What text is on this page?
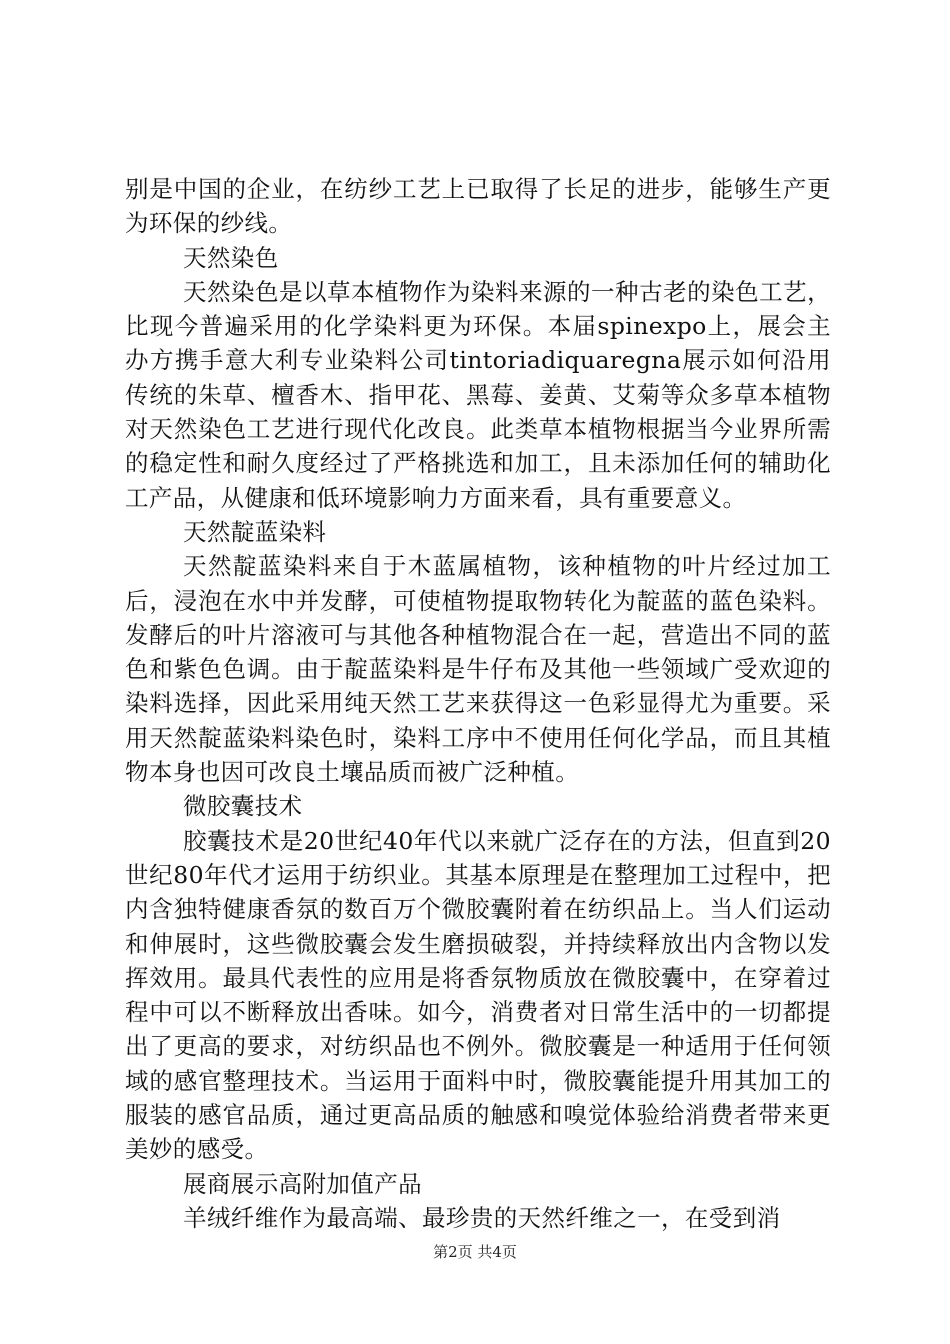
别是中国的企业，在纺纱工艺上已取得了长足的进步，能够生产更为环保的纱线。

天然染色

天然染色是以草本植物作为染料来源的一种古老的染色工艺，比现今普遍采用的化学染料更为环保。本届spinexpo上，展会主办方携手意大利专业染料公司tintoriadiquaregna展示如何沿用传统的朱草、檀香木、指甲花、黑莓、姜黄、艾菊等众多草本植物对天然染色工艺进行现代化改良。此类草本植物根据当今业界所需的稳定性和耐久度经过了严格挑选和加工，且未添加任何的辅助化工产品，从健康和低环境影响力方面来看，具有重要意义。

天然靛蓝染料

天然靛蓝染料来自于木蓝属植物，该种植物的叶片经过加工后，浸泡在水中并发酵，可使植物提取物转化为靛蓝的蓝色染料。发酵后的叶片溶液可与其他各种植物混合在一起，营造出不同的蓝色和紫色色调。由于靛蓝染料是牛仔布及其他一些领域广受欢迎的染料选择，因此采用纯天然工艺来获得这一色彩显得尤为重要。采用天然靛蓝染料染色时，染料工序中不使用任何化学品，而且其植物本身也因可改良土壤品质而被广泛种植。

微胶囊技术

胶囊技术是20世纪40年代以来就广泛存在的方法，但直到20世纪80年代才运用于纺织业。其基本原理是在整理加工过程中，把内含独特健康香氛的数百万个微胶囊附着在纺织品上。当人们运动和伸展时，这些微胶囊会发生磨损破裂，并持续释放出内含物以发挥效用。最具代表性的应用是将香氛物质放在微胶囊中，在穿着过程中可以不断释放出香味。如今，消费者对日常生活中的一切都提出了更高的要求，对纺织品也不例外。微胶囊是一种适用于任何领域的感官整理技术。当运用于面料中时，微胶囊能提升用其加工的服装的感官品质，通过更高品质的触感和嗅觉体验给消费者带来更美妙的感受。

展商展示高附加值产品

羊绒纤维作为最高端、最珍贵的天然纤维之一，在受到消

第2页 共4页
